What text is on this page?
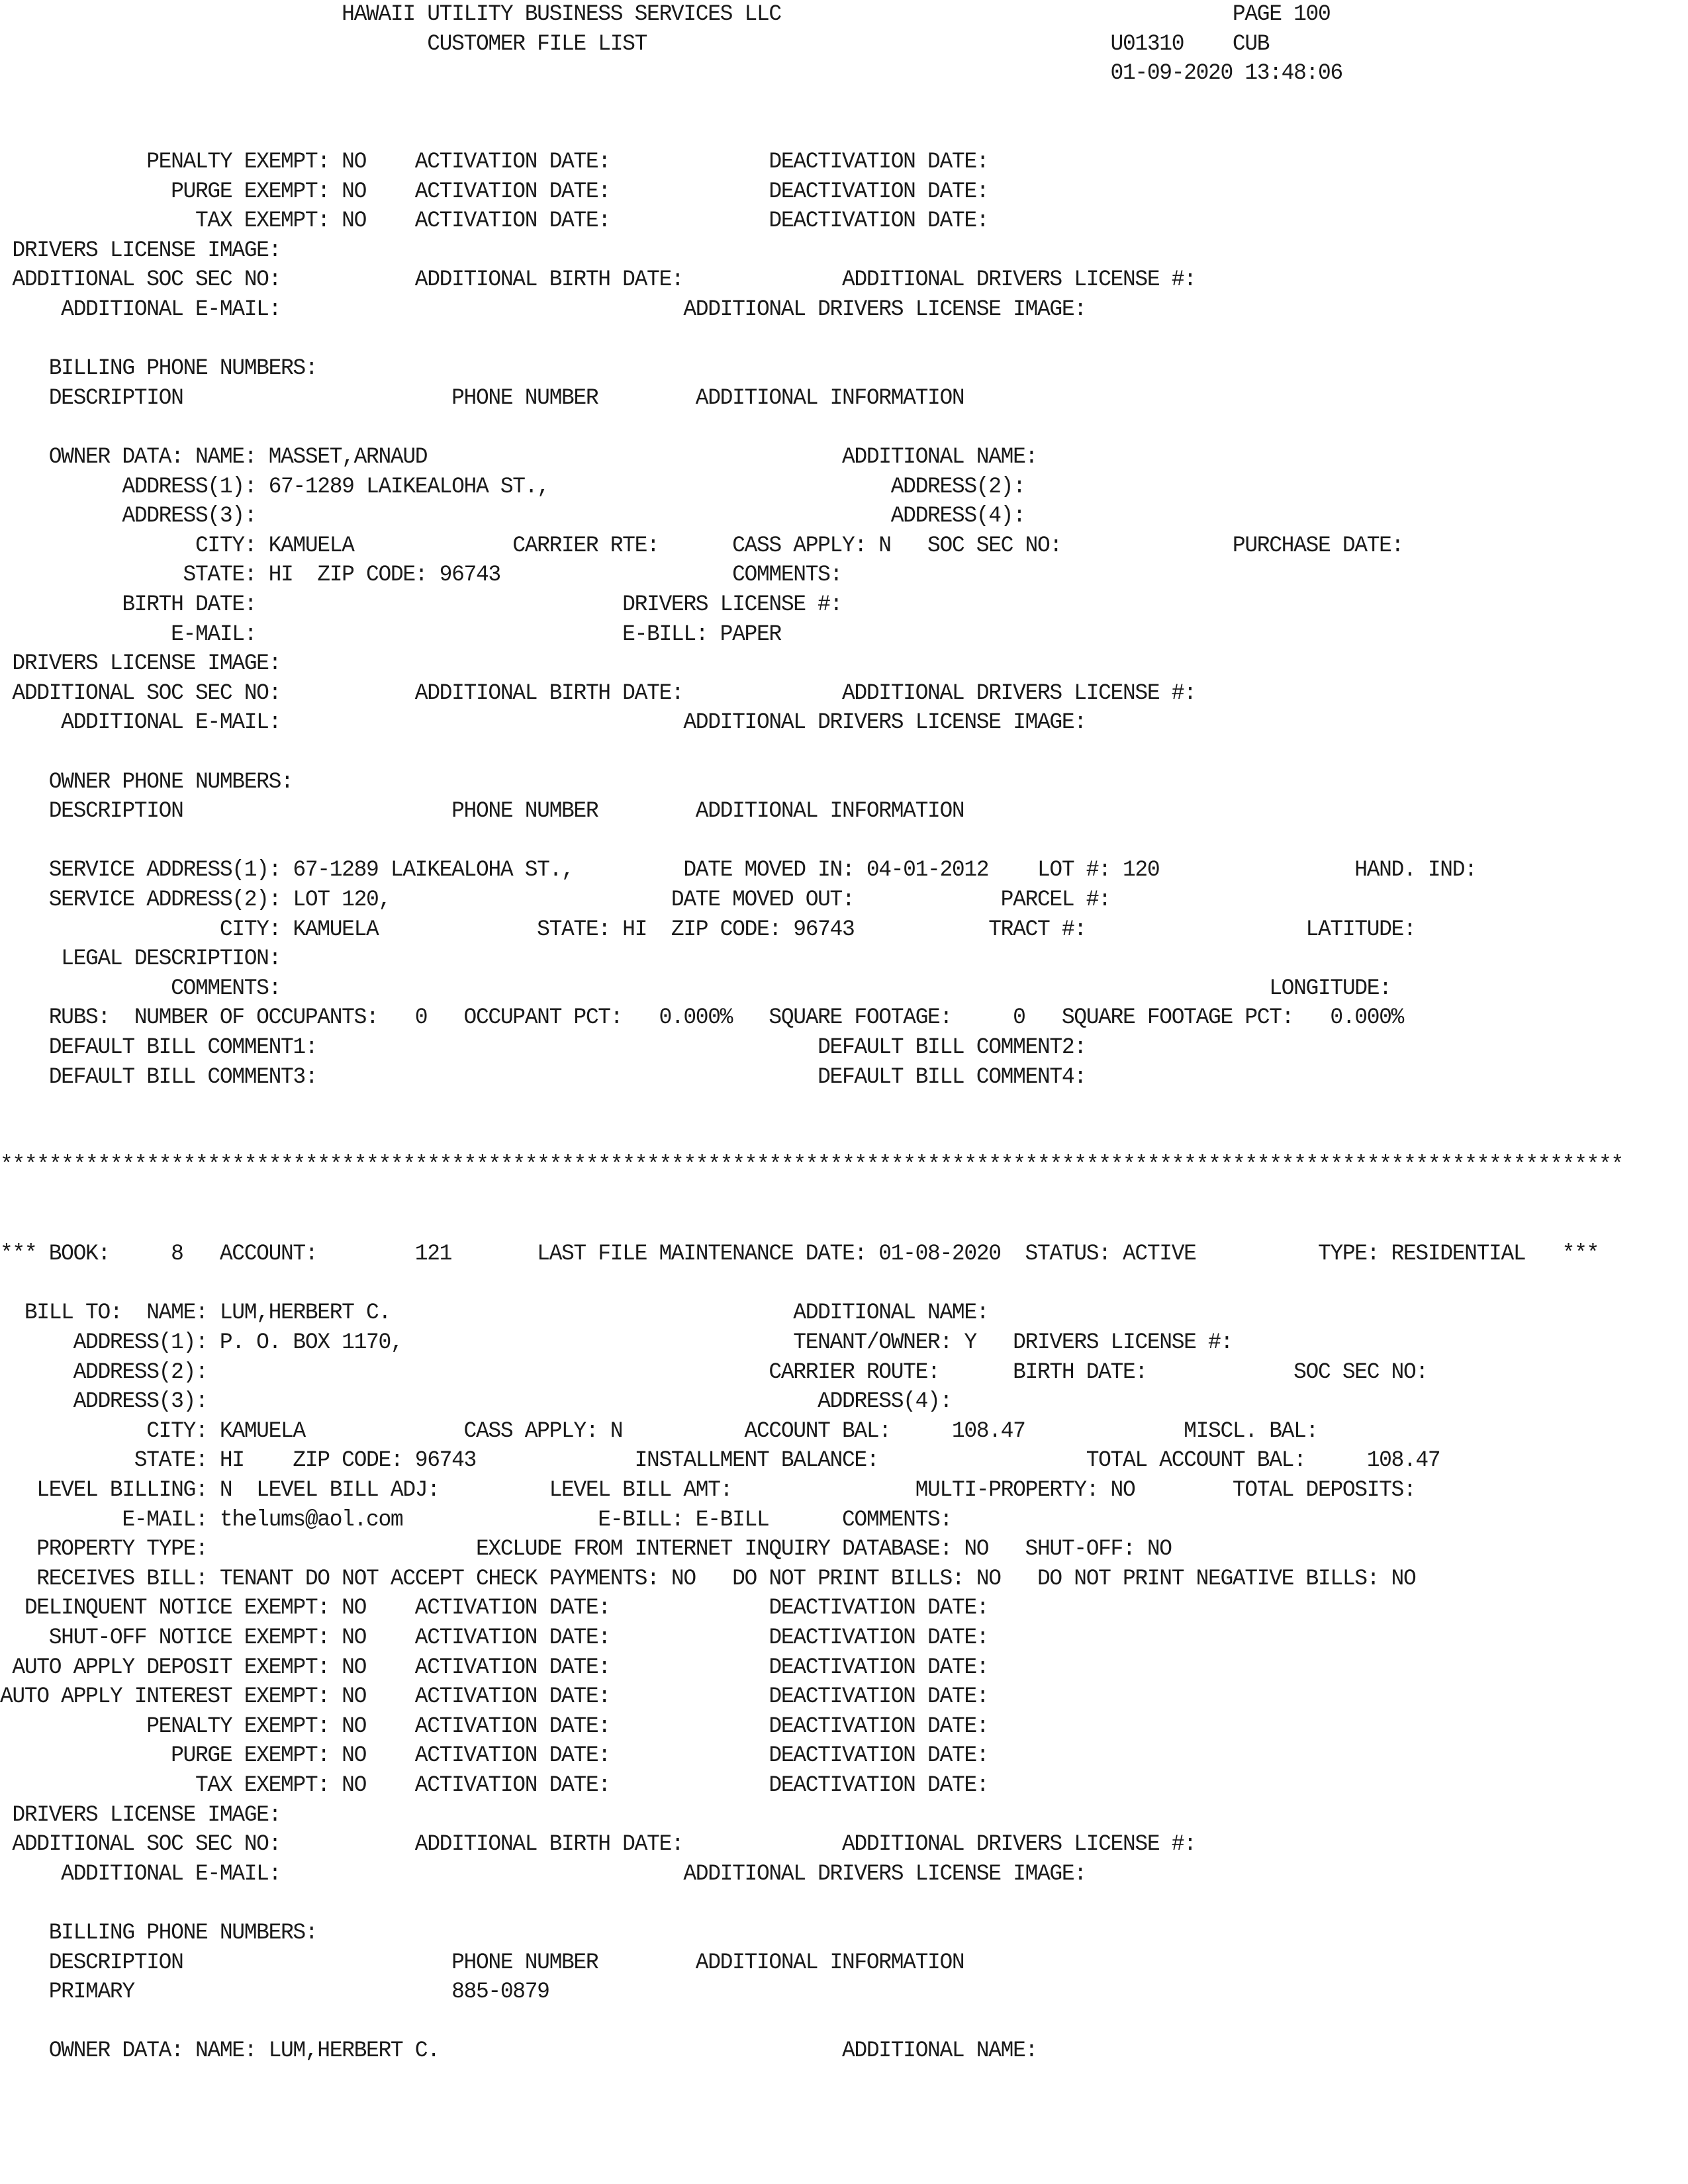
HAWAII UTILITY BUSINESS SERVICES LLC                                     PAGE 100
CUSTOMER FILE LIST                                      U01310    CUB
01-09-2020 13:48:06
PENALTY EXEMPT: NO    ACTIVATION DATE:             DEACTIVATION DATE:
PURGE EXEMPT: NO    ACTIVATION DATE:             DEACTIVATION DATE:
TAX EXEMPT: NO    ACTIVATION DATE:             DEACTIVATION DATE:
DRIVERS LICENSE IMAGE:
ADDITIONAL SOC SEC NO:           ADDITIONAL BIRTH DATE:             ADDITIONAL DRIVERS LICENSE #:
ADDITIONAL E-MAIL:                                 ADDITIONAL DRIVERS LICENSE IMAGE:
BILLING PHONE NUMBERS:
DESCRIPTION                      PHONE NUMBER        ADDITIONAL INFORMATION
OWNER DATA: NAME: MASSET,ARNAUD                                  ADDITIONAL NAME:
ADDRESS(1): 67-1289 LAIKEALOHA ST.,                            ADDRESS(2):
ADDRESS(3):                                                    ADDRESS(4):
CITY: KAMUELA             CARRIER RTE:      CASS APPLY: N   SOC SEC NO:              PURCHASE DATE:
STATE: HI  ZIP CODE: 96743                   COMMENTS:
BIRTH DATE:                              DRIVERS LICENSE #:
E-MAIL:                              E-BILL: PAPER
DRIVERS LICENSE IMAGE:
ADDITIONAL SOC SEC NO:           ADDITIONAL BIRTH DATE:             ADDITIONAL DRIVERS LICENSE #:
ADDITIONAL E-MAIL:                                 ADDITIONAL DRIVERS LICENSE IMAGE:
OWNER PHONE NUMBERS:
DESCRIPTION                      PHONE NUMBER        ADDITIONAL INFORMATION
SERVICE ADDRESS(1): 67-1289 LAIKEALOHA ST.,         DATE MOVED IN: 04-01-2012    LOT #: 120                HAND. IND:
SERVICE ADDRESS(2): LOT 120,                       DATE MOVED OUT:            PARCEL #:
CITY: KAMUELA             STATE: HI  ZIP CODE: 96743           TRACT #:                  LATITUDE:
LEGAL DESCRIPTION:
COMMENTS:                                                                                 LONGITUDE:
RUBS:  NUMBER OF OCCUPANTS:   0   OCCUPANT PCT:   0.000%   SQUARE FOOTAGE:     0   SQUARE FOOTAGE PCT:   0.000%
DEFAULT BILL COMMENT1:                                         DEFAULT BILL COMMENT2:
DEFAULT BILL COMMENT3:                                         DEFAULT BILL COMMENT4:
*************************************************************************************************************************************
*** BOOK:     8   ACCOUNT:        121       LAST FILE MAINTENANCE DATE: 01-08-2020  STATUS: ACTIVE          TYPE: RESIDENTIAL   ***
BILL TO:  NAME: LUM,HERBERT C.                                 ADDITIONAL NAME:
ADDRESS(1): P. O. BOX 1170,                                TENANT/OWNER: Y   DRIVERS LICENSE #:
ADDRESS(2):                                              CARRIER ROUTE:      BIRTH DATE:            SOC SEC NO:
ADDRESS(3):                                                  ADDRESS(4):
CITY: KAMUELA             CASS APPLY: N          ACCOUNT BAL:     108.47             MISCL. BAL:
STATE: HI    ZIP CODE: 96743             INSTALLMENT BALANCE:                 TOTAL ACCOUNT BAL:     108.47
LEVEL BILLING: N  LEVEL BILL ADJ:         LEVEL BILL AMT:               MULTI-PROPERTY: NO        TOTAL DEPOSITS:
E-MAIL: thelums@aol.com                E-BILL: E-BILL      COMMENTS:
PROPERTY TYPE:                      EXCLUDE FROM INTERNET INQUIRY DATABASE: NO   SHUT-OFF: NO
RECEIVES BILL: TENANT DO NOT ACCEPT CHECK PAYMENTS: NO   DO NOT PRINT BILLS: NO   DO NOT PRINT NEGATIVE BILLS: NO
DELINQUENT NOTICE EXEMPT: NO    ACTIVATION DATE:             DEACTIVATION DATE:
SHUT-OFF NOTICE EXEMPT: NO    ACTIVATION DATE:             DEACTIVATION DATE:
AUTO APPLY DEPOSIT EXEMPT: NO    ACTIVATION DATE:             DEACTIVATION DATE:
AUTO APPLY INTEREST EXEMPT: NO    ACTIVATION DATE:             DEACTIVATION DATE:
PENALTY EXEMPT: NO    ACTIVATION DATE:             DEACTIVATION DATE:
PURGE EXEMPT: NO    ACTIVATION DATE:             DEACTIVATION DATE:
TAX EXEMPT: NO    ACTIVATION DATE:             DEACTIVATION DATE:
DRIVERS LICENSE IMAGE:
ADDITIONAL SOC SEC NO:           ADDITIONAL BIRTH DATE:             ADDITIONAL DRIVERS LICENSE #:
ADDITIONAL E-MAIL:                                 ADDITIONAL DRIVERS LICENSE IMAGE:
BILLING PHONE NUMBERS:
DESCRIPTION                      PHONE NUMBER        ADDITIONAL INFORMATION
PRIMARY                          885-0879
OWNER DATA: NAME: LUM,HERBERT C.                                 ADDITIONAL NAME:
